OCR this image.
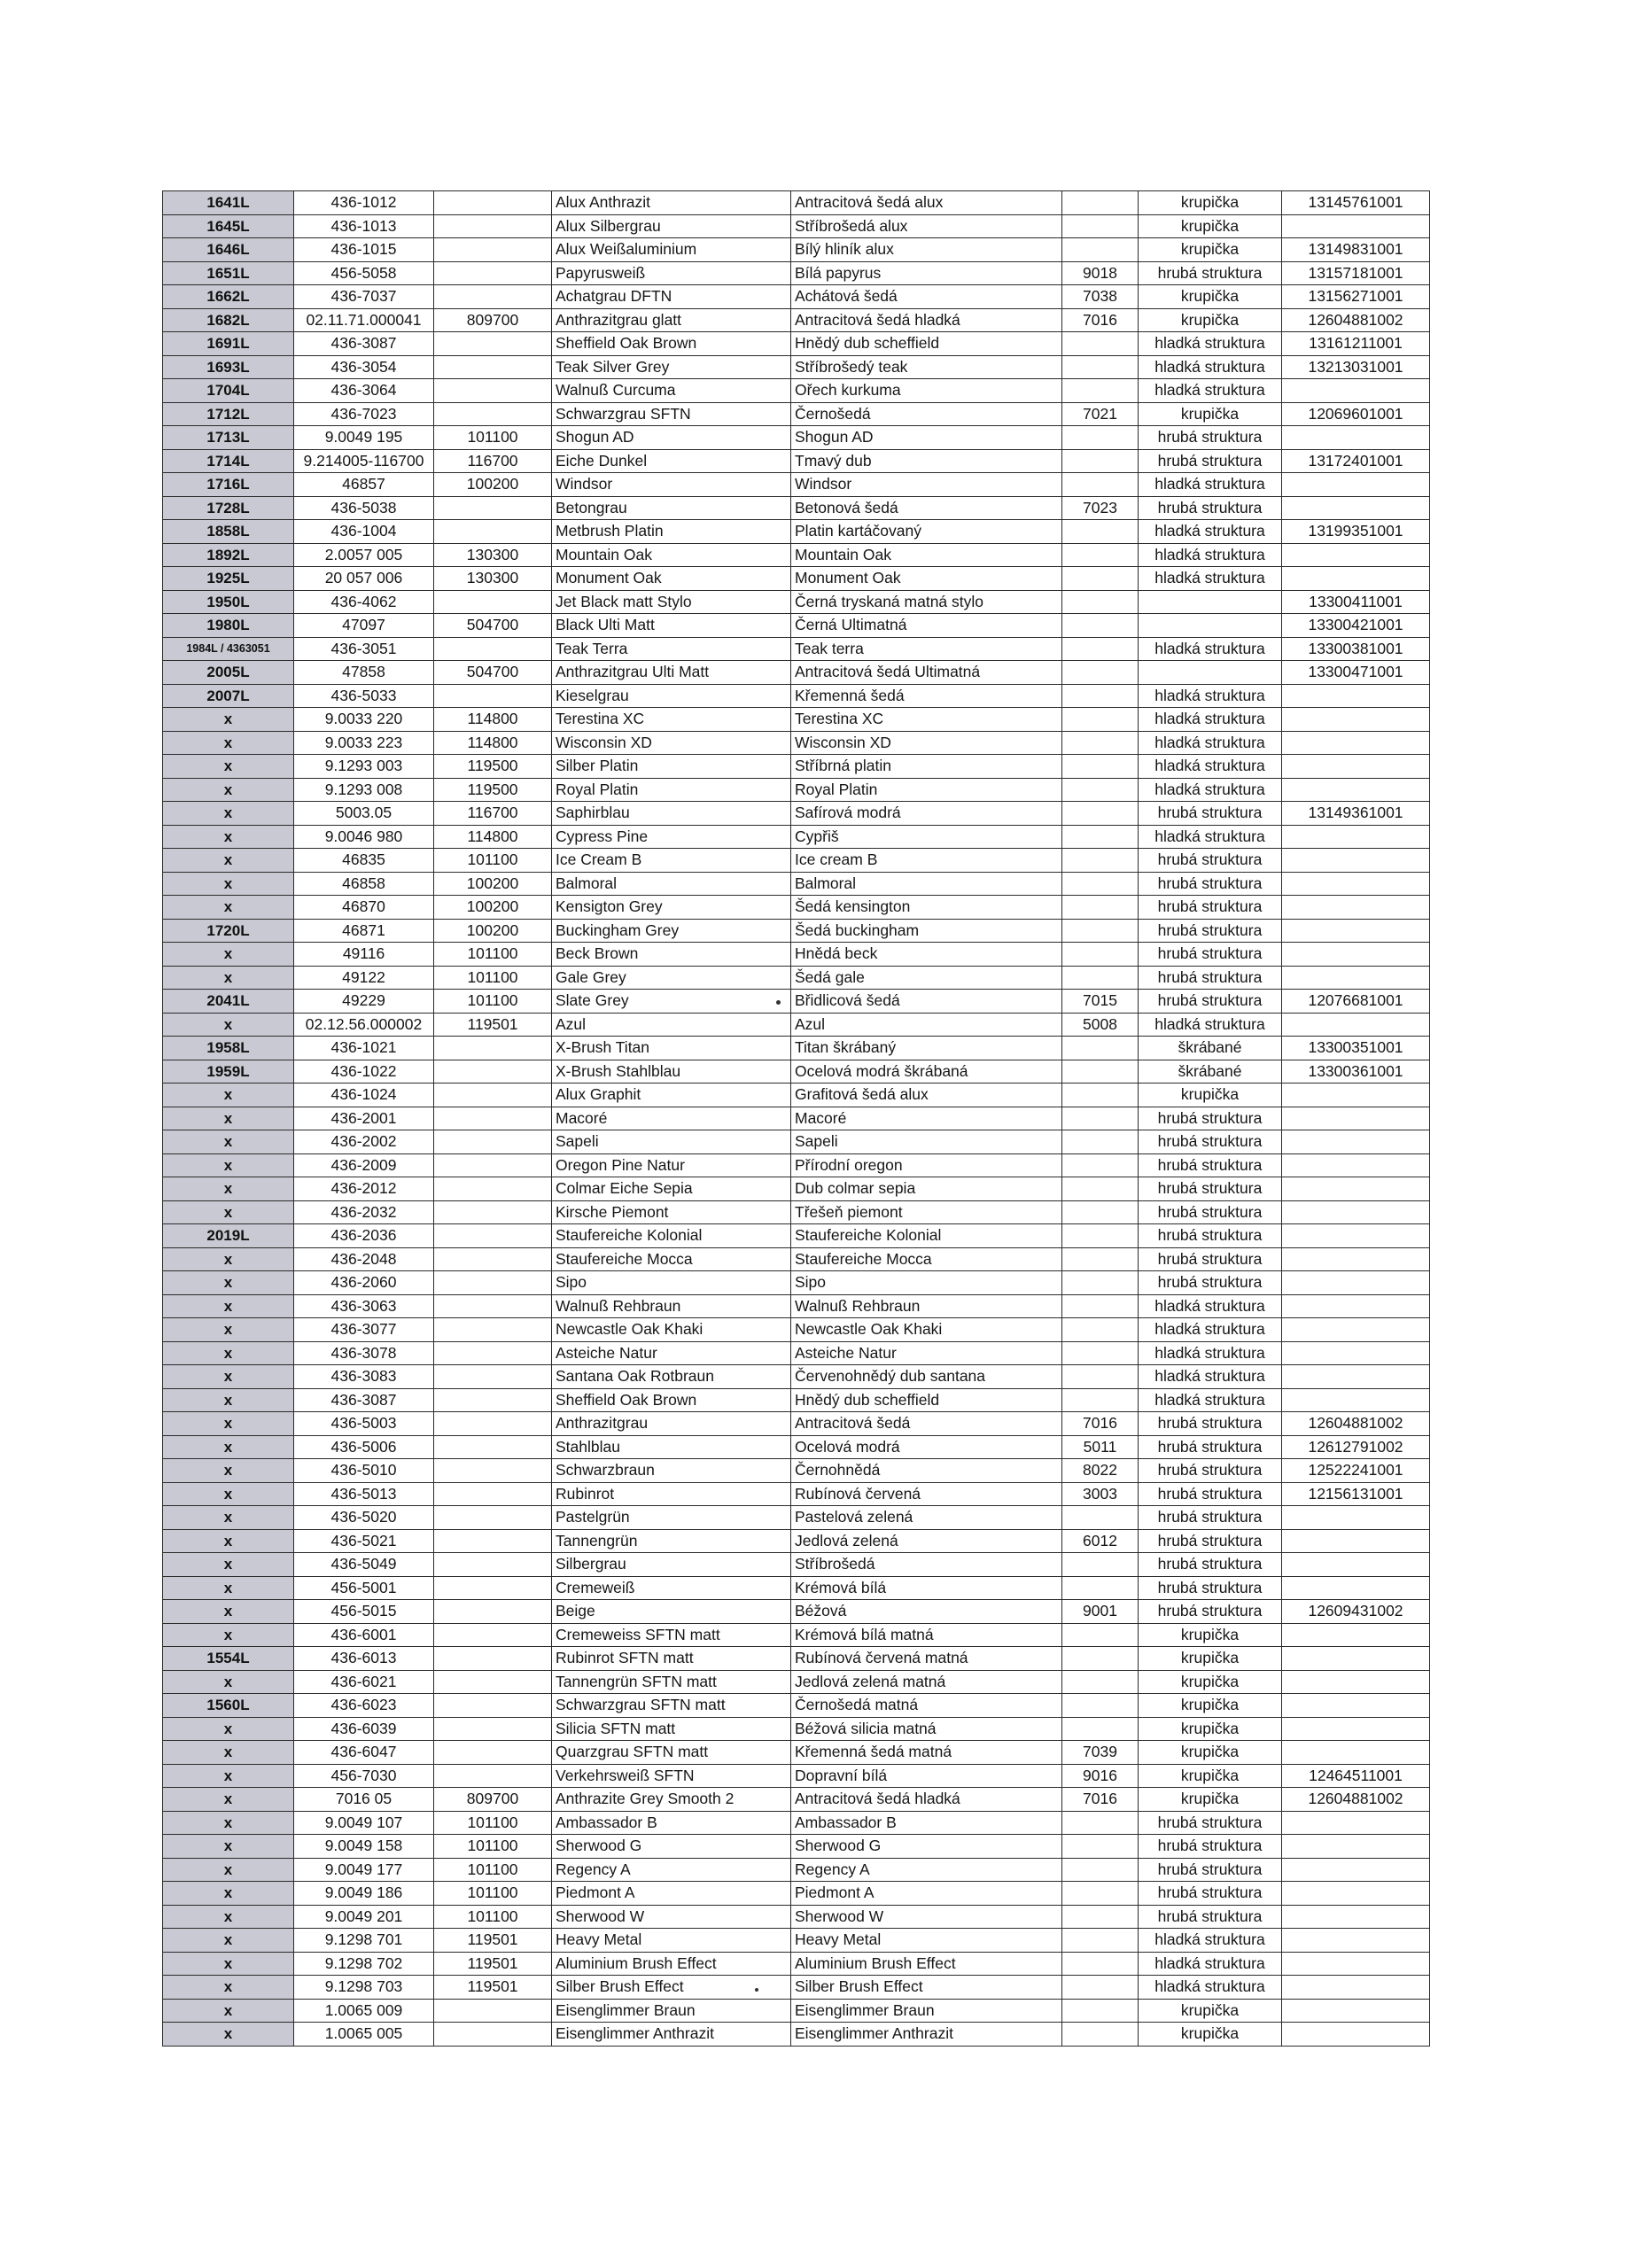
1641L	436-1012		Alux Anthrazit	Antracitová šedá alux		krupička	13145761001
1645L	436-1013		Alux Silbergrau	Stříbrošedá alux		krupička	
1646L	436-1015		Alux Weißaluminium	Bílý hliník alux		krupička	13149831001
1651L	456-5058		Papyrusweiß	Bílá papyrus	9018	hrubá struktura	13157181001
1662L	436-7037		Achatgrau DFTN	Achátová šedá	7038	krupička	13156271001
1682L	02.11.71.000041	809700	Anthrazitgrau glatt	Antracitová šedá hladká	7016	krupička	12604881002
1691L	436-3087		Sheffield Oak Brown	Hnědý dub scheffield		hladká struktura	13161211001
1693L	436-3054		Teak Silver Grey	Stříbrošedý teak		hladká struktura	13213031001
1704L	436-3064		Walnuß Curcuma	Ořech kurkuma		hladká struktura	
1712L	436-7023		Schwarzgrau SFTN	Černošedá	7021	krupička	12069601001
1713L	9.0049 195	101100	Shogun AD	Shogun AD		hrubá struktura	
1714L	9.214005-116700	116700	Eiche Dunkel	Tmavý dub		hrubá struktura	13172401001
1716L	46857	100200	Windsor	Windsor		hladká struktura	
1728L	436-5038		Betongrau	Betonová šedá	7023	hrubá struktura	
1858L	436-1004		Metbrush Platin	Platin kartáčovaný		hladká struktura	13199351001
1892L	2.0057 005	130300	Mountain Oak	Mountain Oak		hladká struktura	
1925L	20 057 006	130300	Monument Oak	Monument Oak		hladká struktura	
1950L	436-4062		Jet Black matt Stylo	Černá tryskaná matná stylo			13300411001
1980L	47097	504700	Black Ulti Matt	Černá Ultimatná			13300421001
1984L / 4363051	436-3051		Teak Terra	Teak terra		hladká struktura	13300381001
2005L	47858	504700	Anthrazitgrau Ulti Matt	Antracitová šedá Ultimatná			13300471001
2007L	436-5033		Kieselgrau	Křemenná šedá		hladká struktura	
x	9.0033 220	114800	Terestina XC	Terestina XC		hladká struktura	
x	9.0033 223	114800	Wisconsin XD	Wisconsin XD		hladká struktura	
x	9.1293 003	119500	Silber Platin	Stříbrná platin		hladká struktura	
x	9.1293 008	119500	Royal Platin	Royal Platin		hladká struktura	
x	5003.05	116700	Saphirblau	Safírová modrá		hrubá struktura	13149361001
x	9.0046 980	114800	Cypress Pine	Cypřiš		hladká struktura	
x	46835	101100	Ice Cream B	Ice cream B		hrubá struktura	
x	46858	100200	Balmoral	Balmoral		hrubá struktura	
x	46870	100200	Kensigton Grey	Šedá kensington		hrubá struktura	
1720L	46871	100200	Buckingham Grey	Šedá buckingham		hrubá struktura	
x	49116	101100	Beck Brown	Hnědá beck		hrubá struktura	
x	49122	101100	Gale Grey	Šedá gale		hrubá struktura	
2041L	49229	101100	Slate Grey	Břidlicová šedá	7015	hrubá struktura	12076681001
x	02.12.56.000002	119501	Azul	Azul	5008	hladká struktura	
1958L	436-1021		X-Brush Titan	Titan škrábaný		škrábané	13300351001
1959L	436-1022		X-Brush Stahlblau	Ocelová modrá škrábaná		škrábané	13300361001
x	436-1024		Alux Graphit	Grafitová šedá alux		krupička	
x	436-2001		Macoré	Macoré		hrubá struktura	
x	436-2002		Sapeli	Sapeli		hrubá struktura	
x	436-2009		Oregon Pine Natur	Přírodní oregon		hrubá struktura	
x	436-2012		Colmar Eiche Sepia	Dub colmar sepia		hrubá struktura	
x	436-2032		Kirsche Piemont	Třešeň piemont		hrubá struktura	
2019L	436-2036		Staufereiche Kolonial	Staufereiche Kolonial		hrubá struktura	
x	436-2048		Staufereiche Mocca	Staufereiche Mocca		hrubá struktura	
x	436-2060		Sipo	Sipo		hrubá struktura	
x	436-3063		Walnuß Rehbraun	Walnuß Rehbraun		hladká struktura	
x	436-3077		Newcastle Oak Khaki	Newcastle Oak Khaki		hladká struktura	
x	436-3078		Asteiche Natur	Asteiche Natur		hladká struktura	
x	436-3083		Santana Oak Rotbraun	Červenohnědý dub santana		hladká struktura	
x	436-3087		Sheffield Oak Brown	Hnědý dub scheffield		hladká struktura	
x	436-5003		Anthrazitgrau	Antracitová šedá	7016	hrubá struktura	12604881002
x	436-5006		Stahlblau	Ocelová modrá	5011	hrubá struktura	12612791002
x	436-5010		Schwarzbraun	Černohnědá	8022	hrubá struktura	12522241001
x	436-5013		Rubinrot	Rubínová červená	3003	hrubá struktura	12156131001
x	436-5020		Pastelgrün	Pastelová zelená		hrubá struktura	
x	436-5021		Tannengrün	Jedlová zelená	6012	hrubá struktura	
x	436-5049		Silbergrau	Stříbrošedá		hrubá struktura	
x	456-5001		Cremeweiß	Krémová bílá		hrubá struktura	
x	456-5015		Beige	Béžová	9001	hrubá struktura	12609431002
x	436-6001		Cremeweiss SFTN matt	Krémová bílá matná		krupička	
1554L	436-6013		Rubinrot SFTN matt	Rubínová červená matná		krupička	
x	436-6021		Tannengrün SFTN matt	Jedlová zelená matná		krupička	
1560L	436-6023		Schwarzgrau SFTN matt	Černošedá matná		krupička	
x	436-6039		Silicia SFTN matt	Béžová silicia matná		krupička	
x	436-6047		Quarzgrau SFTN matt	Křemenná šedá matná	7039	krupička	
x	456-7030		Verkehrsweiß SFTN	Dopravní bílá	9016	krupička	12464511001
x	7016 05	809700	Anthrazite Grey Smooth 2	Antracitová šedá hladká	7016	krupička	12604881002
x	9.0049 107	101100	Ambassador B	Ambassador B		hrubá struktura	
x	9.0049 158	101100	Sherwood G	Sherwood G		hrubá struktura	
x	9.0049 177	101100	Regency A	Regency A		hrubá struktura	
x	9.0049 186	101100	Piedmont A	Piedmont A		hrubá struktura	
x	9.0049 201	101100	Sherwood W	Sherwood W		hrubá struktura	
x	9.1298 701	119501	Heavy Metal	Heavy Metal		hladká struktura	
x	9.1298 702	119501	Aluminium Brush Effect	Aluminium Brush Effect		hladká struktura	
x	9.1298 703	119501	Silber Brush Effect	Silber Brush Effect		hladká struktura	
x	1.0065 009		Eisenglimmer Braun	Eisenglimmer Braun		krupička	
x	1.0065 005		Eisenglimmer Anthrazit	Eisenglimmer Anthrazit		krupička	
